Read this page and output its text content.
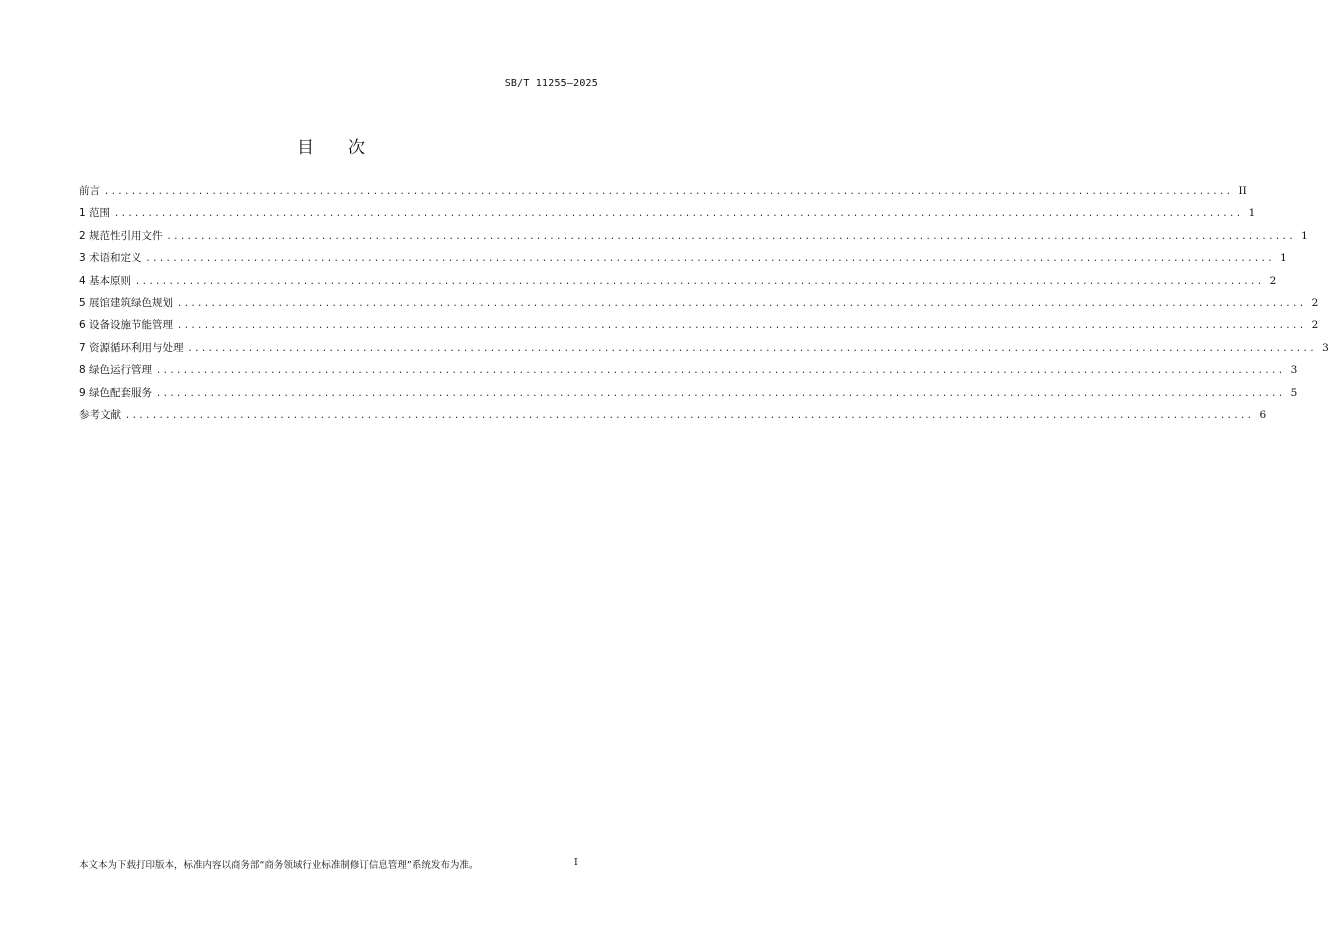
SB/T 11255—2025
目 次
前言 ........................................................................................................................................................................ II
1 范围 ........................................................................................................................................................................ 1
2 规范性引用文件 ........................................................................................................................................................................ 1
3 术语和定义 ........................................................................................................................................................................ 1
4 基本原则 ........................................................................................................................................................................ 2
5 展馆建筑绿色规划 ........................................................................................................................................................................ 2
6 设备设施节能管理 ........................................................................................................................................................................ 2
7 资源循环利用与处理 ........................................................................................................................................................................ 3
8 绿色运行管理 ........................................................................................................................................................................ 3
9 绿色配套服务 ........................................................................................................................................................................ 5
参考文献 ........................................................................................................................................................................ 6
本文本为下载打印版本，标准内容以商务部“商务领域行业标准制修订信息管理”系统发布为准。	I
